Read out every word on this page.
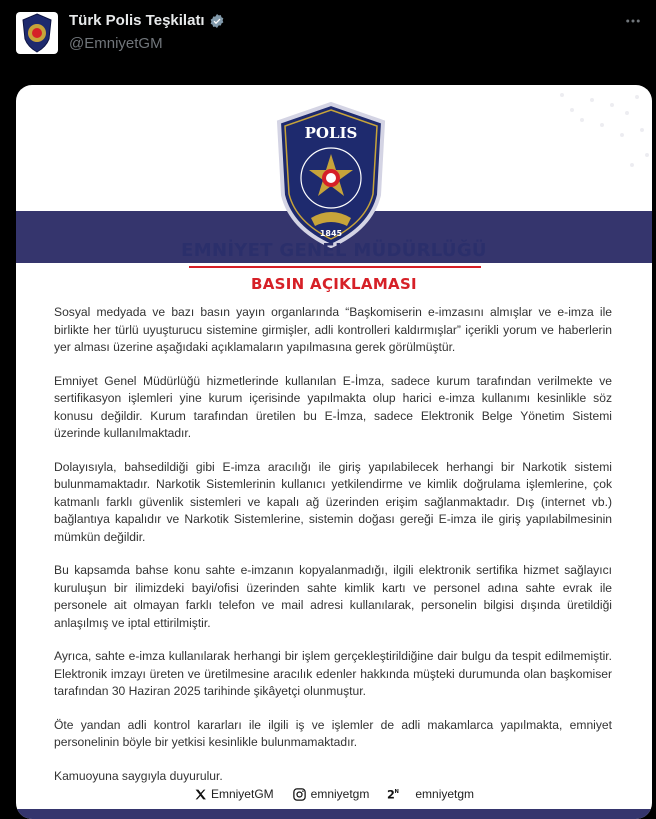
Türk Polis Teşkilatı
@EmniyetGM
05.08.2025
POLIS
1845
EMNİYET GENEL MÜDÜRLÜĞÜ
BASIN AÇIKLAMASI

Sosyal medyada ve bazı basın yayın organlarında “Başkomiserin e-imzasını almışlar ve e-imza ile birlikte her türlü uyuşturucu sistemine girmişler, adli kontrolleri kaldırmışlar” içerikli yorum ve haberlerin yer alması üzerine aşağıdaki açıklamaların yapılmasına gerek görülmüştür.

Emniyet Genel Müdürlüğü hizmetlerinde kullanılan E-İmza, sadece kurum tarafından verilmekte ve sertifikasyon işlemleri yine kurum içerisinde yapılmakta olup harici e-imza kullanımı kesinlikle söz konusu değildir. Kurum tarafından üretilen bu E-İmza, sadece Elektronik Belge Yönetim Sistemi üzerinde kullanılmaktadır.

Dolayısıyla, bahsedildiği gibi E-imza aracılığı ile giriş yapılabilecek herhangi bir Narkotik sistemi bulunmamaktadır. Narkotik Sistemlerinin kullanıcı yetkilendirme ve kimlik doğrulama işlemlerine, çok katmanlı farklı güvenlik sistemleri ve kapalı ağ üzerinden erişim sağlanmaktadır. Dış (internet vb.) bağlantıya kapalıdır ve Narkotik Sistemlerine, sistemin doğası gereği E-imza ile giriş yapılabilmesinin mümkün değildir.

Bu kapsamda bahse konu sahte e-imzanın kopyalanmadığı, ilgili elektronik sertifika hizmet sağlayıcı kuruluşun bir ilimizdeki bayi/ofisi üzerinden sahte kimlik kartı ve personel adına sahte evrak ile personele ait olmayan farklı telefon ve mail adresi kullanılarak, personelin bilgisi dışında üretildiği anlaşılmış ve iptal ettirilmiştir.

Ayrıca, sahte e-imza kullanılarak herhangi bir işlem gerçekleştirildiğine dair bulgu da tespit edilmemiştir. Elektronik imzayı üreten ve üretilmesine aracılık edenler hakkında müşteki durumunda olan başkomiser tarafından 30 Haziran 2025 tarihinde şikâyetçi olunmuştur.

Öte yandan adli kontrol kararları ile ilgili iş ve işlemler de adli makamlarca yapılmakta, emniyet personelinin böyle bir yetkisi kesinlikle bulunmamaktadır.

Kamuoyuna saygıyla duyurulur.

EmniyetGM	emniyetgm 2 N emniyetgm
